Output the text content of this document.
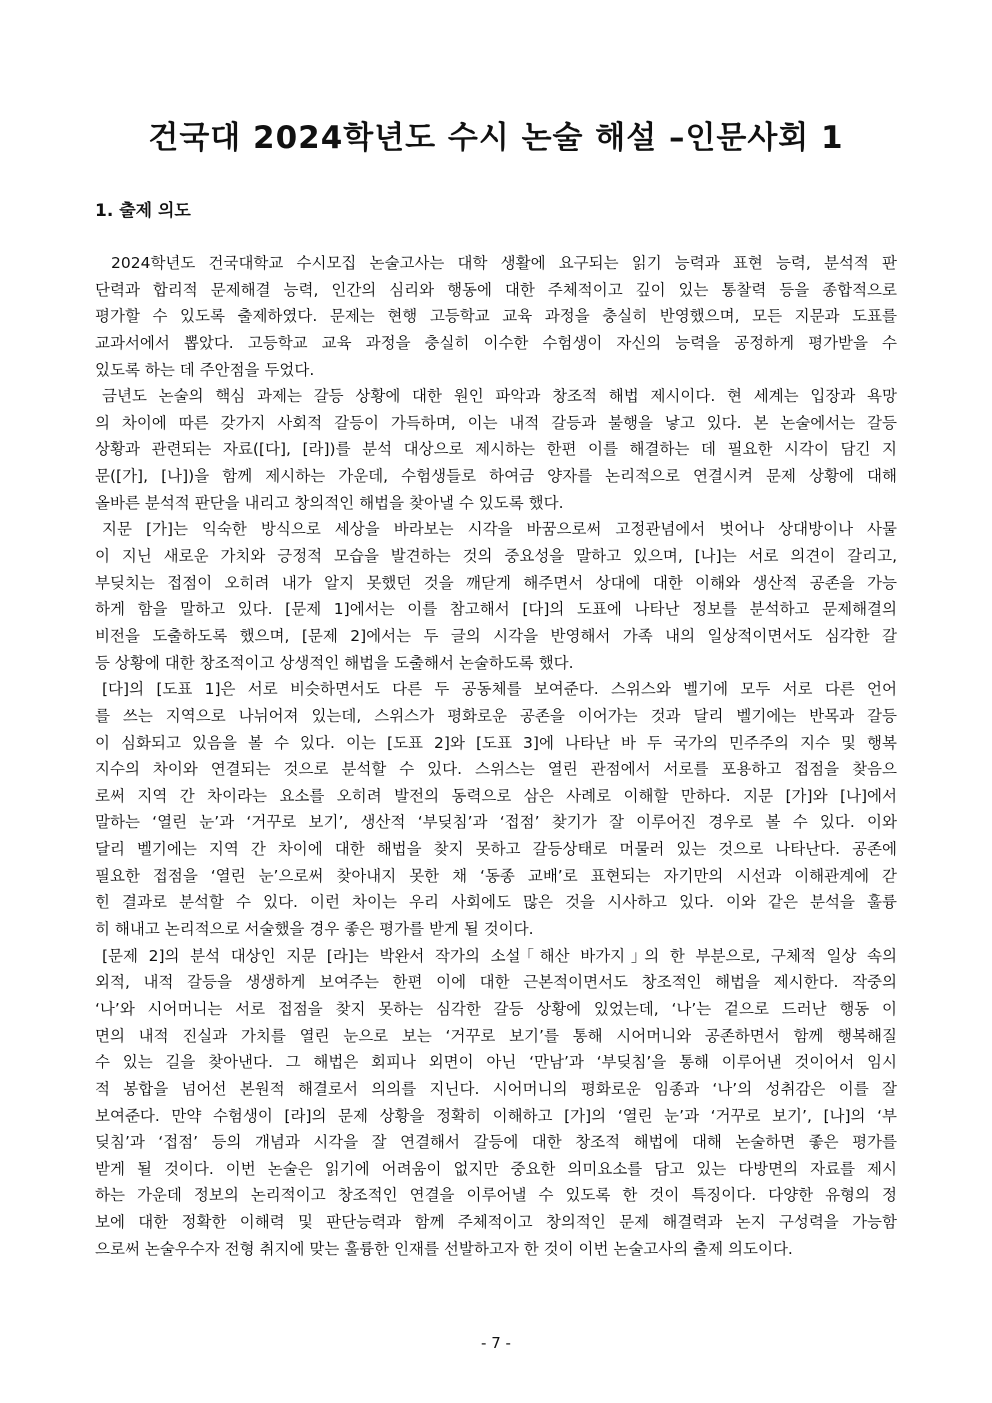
건국대 2024학년도 수시 논술 해설 –인문사회 1
1. 출제 의도
2024학년도 건국대학교 수시모집 논술고사는 대학 생활에 요구되는 읽기 능력과 표현 능력, 분석적 판
단력과 합리적 문제해결 능력, 인간의 심리와 행동에 대한 주체적이고 깊이 있는 통찰력 등을 종합적으로
평가할 수 있도록 출제하였다. 문제는 현행 고등학교 교육 과정을 충실히 반영했으며, 모든 지문과 도표를
교과서에서 뽑았다. 고등학교 교육 과정을 충실히 이수한 수험생이 자신의 능력을 공정하게 평가받을 수
있도록 하는 데 주안점을 두었다.
금년도 논술의 핵심 과제는 갈등 상황에 대한 원인 파악과 창조적 해법 제시이다. 현 세계는 입장과 욕망
의 차이에 따른 갖가지 사회적 갈등이 가득하며, 이는 내적 갈등과 불행을 낳고 있다. 본 논술에서는 갈등
상황과 관련되는 자료([다], [라])를 분석 대상으로 제시하는 한편 이를 해결하는 데 필요한 시각이 담긴 지
문([가], [나])을 함께 제시하는 가운데, 수험생들로 하여금 양자를 논리적으로 연결시켜 문제 상황에 대해
올바른 분석적 판단을 내리고 창의적인 해법을 찾아낼 수 있도록 했다.
지문 [가]는 익숙한 방식으로 세상을 바라보는 시각을 바꿈으로써 고정관념에서 벗어나 상대방이나 사물
이 지닌 새로운 가치와 긍정적 모습을 발견하는 것의 중요성을 말하고 있으며, [나]는 서로 의견이 갈리고,
부딪치는 접점이 오히려 내가 알지 못했던 것을 깨닫게 해주면서 상대에 대한 이해와 생산적 공존을 가능
하게 함을 말하고 있다. [문제 1]에서는 이를 참고해서 [다]의 도표에 나타난 정보를 분석하고 문제해결의
비전을 도출하도록 했으며, [문제 2]에서는 두 글의 시각을 반영해서 가족 내의 일상적이면서도 심각한 갈
등 상황에 대한 창조적이고 상생적인 해법을 도출해서 논술하도록 했다.
[다]의 [도표 1]은 서로 비슷하면서도 다른 두 공동체를 보여준다. 스위스와 벨기에 모두 서로 다른 언어
를 쓰는 지역으로 나뉘어져 있는데, 스위스가 평화로운 공존을 이어가는 것과 달리 벨기에는 반목과 갈등
이 심화되고 있음을 볼 수 있다. 이는 [도표 2]와 [도표 3]에 나타난 바 두 국가의 민주주의 지수 및 행복
지수의 차이와 연결되는 것으로 분석할 수 있다. 스위스는 열린 관점에서 서로를 포용하고 접점을 찾음으
로써 지역 간 차이라는 요소를 오히려 발전의 동력으로 삼은 사례로 이해할 만하다. 지문 [가]와 [나]에서
말하는 ‘열린 눈’과 ‘거꾸로 보기’, 생산적 ‘부딪침’과 ‘접점’ 찾기가 잘 이루어진 경우로 볼 수 있다. 이와
달리 벨기에는 지역 간 차이에 대한 해법을 찾지 못하고 갈등상태로 머물러 있는 것으로 나타난다. 공존에
필요한 접점을 ‘열린 눈’으로써 찾아내지 못한 채 ‘동종 교배’로 표현되는 자기만의 시선과 이해관계에 갇
힌 결과로 분석할 수 있다. 이런 차이는 우리 사회에도 많은 것을 시사하고 있다. 이와 같은 분석을 훌륭
히 해내고 논리적으로 서술했을 경우 좋은 평가를 받게 될 것이다.
[문제 2]의 분석 대상인 지문 [라]는 박완서 작가의 소설｢해산 바가지｣의 한 부분으로, 구체적 일상 속의
외적, 내적 갈등을 생생하게 보여주는 한편 이에 대한 근본적이면서도 창조적인 해법을 제시한다. 작중의
‘나’와 시어머니는 서로 접점을 찾지 못하는 심각한 갈등 상황에 있었는데, ‘나’는 겉으로 드러난 행동 이
면의 내적 진실과 가치를 열린 눈으로 보는 ‘거꾸로 보기’를 통해 시어머니와 공존하면서 함께 행복해질
수 있는 길을 찾아낸다. 그 해법은 회피나 외면이 아닌 ‘만남’과 ‘부딪침’을 통해 이루어낸 것이어서 임시
적 봉합을 넘어선 본원적 해결로서 의의를 지닌다. 시어머니의 평화로운 임종과 ‘나’의 성취감은 이를 잘
보여준다. 만약 수험생이 [라]의 문제 상황을 정확히 이해하고 [가]의 ‘열린 눈’과 ‘거꾸로 보기’, [나]의 ‘부
딪침’과 ‘접점’ 등의 개념과 시각을 잘 연결해서 갈등에 대한 창조적 해법에 대해 논술하면 좋은 평가를
받게 될 것이다. 이번 논술은 읽기에 어려움이 없지만 중요한 의미요소를 담고 있는 다방면의 자료를 제시
하는 가운데 정보의 논리적이고 창조적인 연결을 이루어낼 수 있도록 한 것이 특징이다. 다양한 유형의 정
보에 대한 정확한 이해력 및 판단능력과 함께 주체적이고 창의적인 문제 해결력과 논지 구성력을 가능함
으로써 논술우수자 전형 취지에 맞는 훌륭한 인재를 선발하고자 한 것이 이번 논술고사의 출제 의도이다.
- 7 -
